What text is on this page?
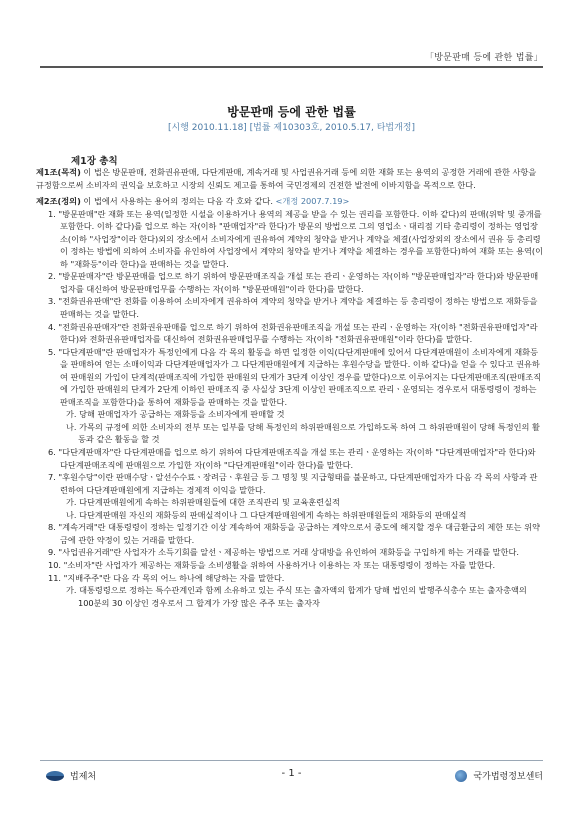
「방문판매 등에 관한 법률」
방문판매 등에 관한 법률
[시행 2010.11.18] [법률 제10303호, 2010.5.17, 타법개정]
제1장 총칙

제1조(목적) 이 법은 방문판매, 전화권유판매, 다단계판매, 계속거래 및 사업권유거래 등에 의한 재화 또는 용역의 공정한 거래에 관한 사항을 규정함으로써 소비자의 권익을 보호하고 시장의 신뢰도 제고를 통하여 국민경제의 건전한 발전에 이바지함을 목적으로 한다.

제2조(정의) 이 법에서 사용하는 용어의 정의는 다음 각 호와 같다. <개정 2007.7.19>

1. "방문판매"란 재화 또는 용역(일정한 시설을 이용하거나 용역의 제공을 받을 수 있는 권리를 포함한다. 이하 같다)의 판매(위탁 및 중개를 포함한다. 이하 같다)를 업으로 하는 자(이하 "판매업자"라 한다)가 방문의 방법으로 그의 영업소ㆍ대리점 기타 총리령이 정하는 영업장소(이하 "사업장"이라 한다)외의 장소에서 소비자에게 권유하여 계약의 청약을 받거나 계약을 체결(사업장외의 장소에서 권유 등 총리령이 정하는 방법에 의하여 소비자를 유인하여 사업장에서 계약의 청약을 받거나 계약을 체결하는 경우를 포함한다)하여 재화 또는 용역(이하 "재화등"이라 한다)을 판매하는 것을 말한다.

2. "방문판매자"란 방문판매를 업으로 하기 위하여 방문판매조직을 개설 또는 관리ㆍ운영하는 자(이하 "방문판매업자"라 한다)와 방문판매업자를 대신하여 방문판매업무를 수행하는 자(이하 "방문판매원"이라 한다)를 말한다.

3. "전화권유판매"란 전화를 이용하여 소비자에게 권유하여 계약의 청약을 받거나 계약을 체결하는 등 총리령이 정하는 방법으로 재화등을 판매하는 것을 말한다.

4. "전화권유판매자"란 전화권유판매를 업으로 하기 위하여 전화권유판매조직을 개설 또는 관리ㆍ운영하는 자(이하 "전화권유판매업자"라 한다)와 전화권유판매업자를 대신하여 전화권유판매업무를 수행하는 자(이하 "전화권유판매원"이라 한다)를 말한다.

5. "다단계판매"란 판매업자가 특정인에게 다음 각 목의 활동을 하면 일정한 이익(다단계판매에 있어서 다단계판매원이 소비자에게 재화등을 판매하여 얻는 소매이익과 다단계판매업자가 그 다단계판매원에게 지급하는 후원수당을 말한다. 이하 같다)을 얻을 수 있다고 권유하여 판매원의 가입이 단계적(판매조직에 가입한 판매원의 단계가 3단계 이상인 경우를 말한다)으로 이루어지는 다단계판매조직(판매조직에 가입한 판매원의 단계가 2단계 이하인 판매조직 중 사실상 3단계 이상인 판매조직으로 관리ㆍ운영되는 경우로서 대통령령이 정하는 판매조직을 포함한다)을 통하여 재화등을 판매하는 것을 말한다.

가. 당해 판매업자가 공급하는 재화등을 소비자에게 판매할 것

나. 가목의 규정에 의한 소비자의 전부 또는 일부를 당해 특정인의 하위판매원으로 가입하도록 하여 그 하위판매원이 당해 특정인의 활동과 같은 활동을 할 것

6. "다단계판매자"란 다단계판매를 업으로 하기 위하여 다단계판매조직을 개설 또는 관리ㆍ운영하는 자(이하 "다단계판매업자"라 한다)와 다단계판매조직에 판매원으로 가입한 자(이하 "다단계판매원"이라 한다)를 말한다.

7. "후원수당"이란 판매수당ㆍ알선수수료ㆍ장려금ㆍ후원금 등 그 명칭 및 지급형태를 불문하고, 다단계판매업자가 다음 각 목의 사항과 관련하여 다단계판매원에게 지급하는 경제적 이익을 말한다.

가. 다단계판매원에게 속하는 하위판매원들에 대한 조직관리 및 교육훈련실적

나. 다단계판매원 자신의 재화등의 판매실적이나 그 다단계판매원에게 속하는 하위판매원들의 재화등의 판매실적

8. "계속거래"란 대통령령이 정하는 일정기간 이상 계속하여 재화등을 공급하는 계약으로서 중도에 해지할 경우 대금환급의 제한 또는 위약금에 관한 약정이 있는 거래를 말한다.

9. "사업권유거래"란 사업자가 소득기회를 알선ㆍ제공하는 방법으로 거래 상대방을 유인하여 재화등을 구입하게 하는 거래를 말한다.

10. "소비자"란 사업자가 제공하는 재화등을 소비생활을 위하여 사용하거나 이용하는 자 또는 대통령령이 정하는 자를 말한다.

11. "지배주주"란 다음 각 목의 어느 하나에 해당하는 자를 말한다.

가. 대통령령으로 정하는 특수관계인과 함께 소유하고 있는 주식 또는 출자액의 합계가 당해 법인의 발행주식총수 또는 출자총액의 100분의 30 이상인 경우로서 그 합계가 가장 많은 주주 또는 출자자

법제처	- 1 -	국가법령정보센터
